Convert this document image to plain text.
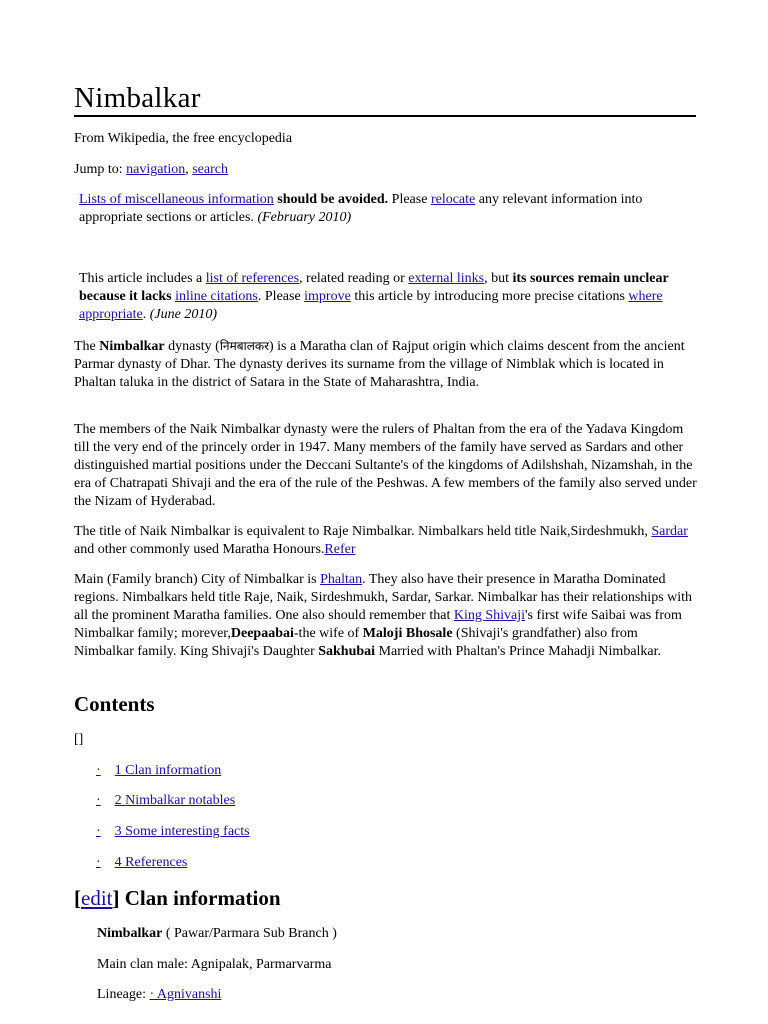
Nimbalkar
From Wikipedia, the free encyclopedia
Jump to: navigation, search
Lists of miscellaneous information should be avoided. Please relocate any relevant information into appropriate sections or articles. (February 2010)
This article includes a list of references, related reading or external links, but its sources remain unclear because it lacks inline citations. Please improve this article by introducing more precise citations where appropriate. (June 2010)
The Nimbalkar dynasty (निमबालकर) is a Maratha clan of Rajput origin which claims descent from the ancient Parmar dynasty of Dhar. The dynasty derives its surname from the village of Nimblak which is located in Phaltan taluka in the district of Satara in the State of Maharashtra, India.
The members of the Naik Nimbalkar dynasty were the rulers of Phaltan from the era of the Yadava Kingdom till the very end of the princely order in 1947. Many members of the family have served as Sardars and other distinguished martial positions under the Deccani Sultante's of the kingdoms of Adilshshah, Nizamshah, in the era of Chatrapati Shivaji and the era of the rule of the Peshwas. A few members of the family also served under the Nizam of Hyderabad.
The title of Naik Nimbalkar is equivalent to Raje Nimbalkar. Nimbalkars held title Naik,Sirdeshmukh, Sardar and other commonly used Maratha Honours.Refer
Main (Family branch) City of Nimbalkar is Phaltan. They also have their presence in Maratha Dominated regions. Nimbalkars held title Raje, Naik, Sirdeshmukh, Sardar, Sarkar. Nimbalkar has their relationships with all the prominent Maratha families. One also should remember that King Shivaji's first wife Saibai was from Nimbalkar family; morever,Deepaabai-the wife of Maloji Bhosale (Shivaji's grandfather) also from Nimbalkar family. King Shivaji's Daughter Sakhubai Married with Phaltan's Prince Mahadji Nimbalkar.
Contents
[]
· 1 Clan information
· 2 Nimbalkar notables
· 3 Some interesting facts
· 4 References
[edit] Clan information
Nimbalkar ( Pawar/Parmara Sub Branch )
Main clan male: Agnipalak, Parmarvarma
Lineage: · Agnivanshi
